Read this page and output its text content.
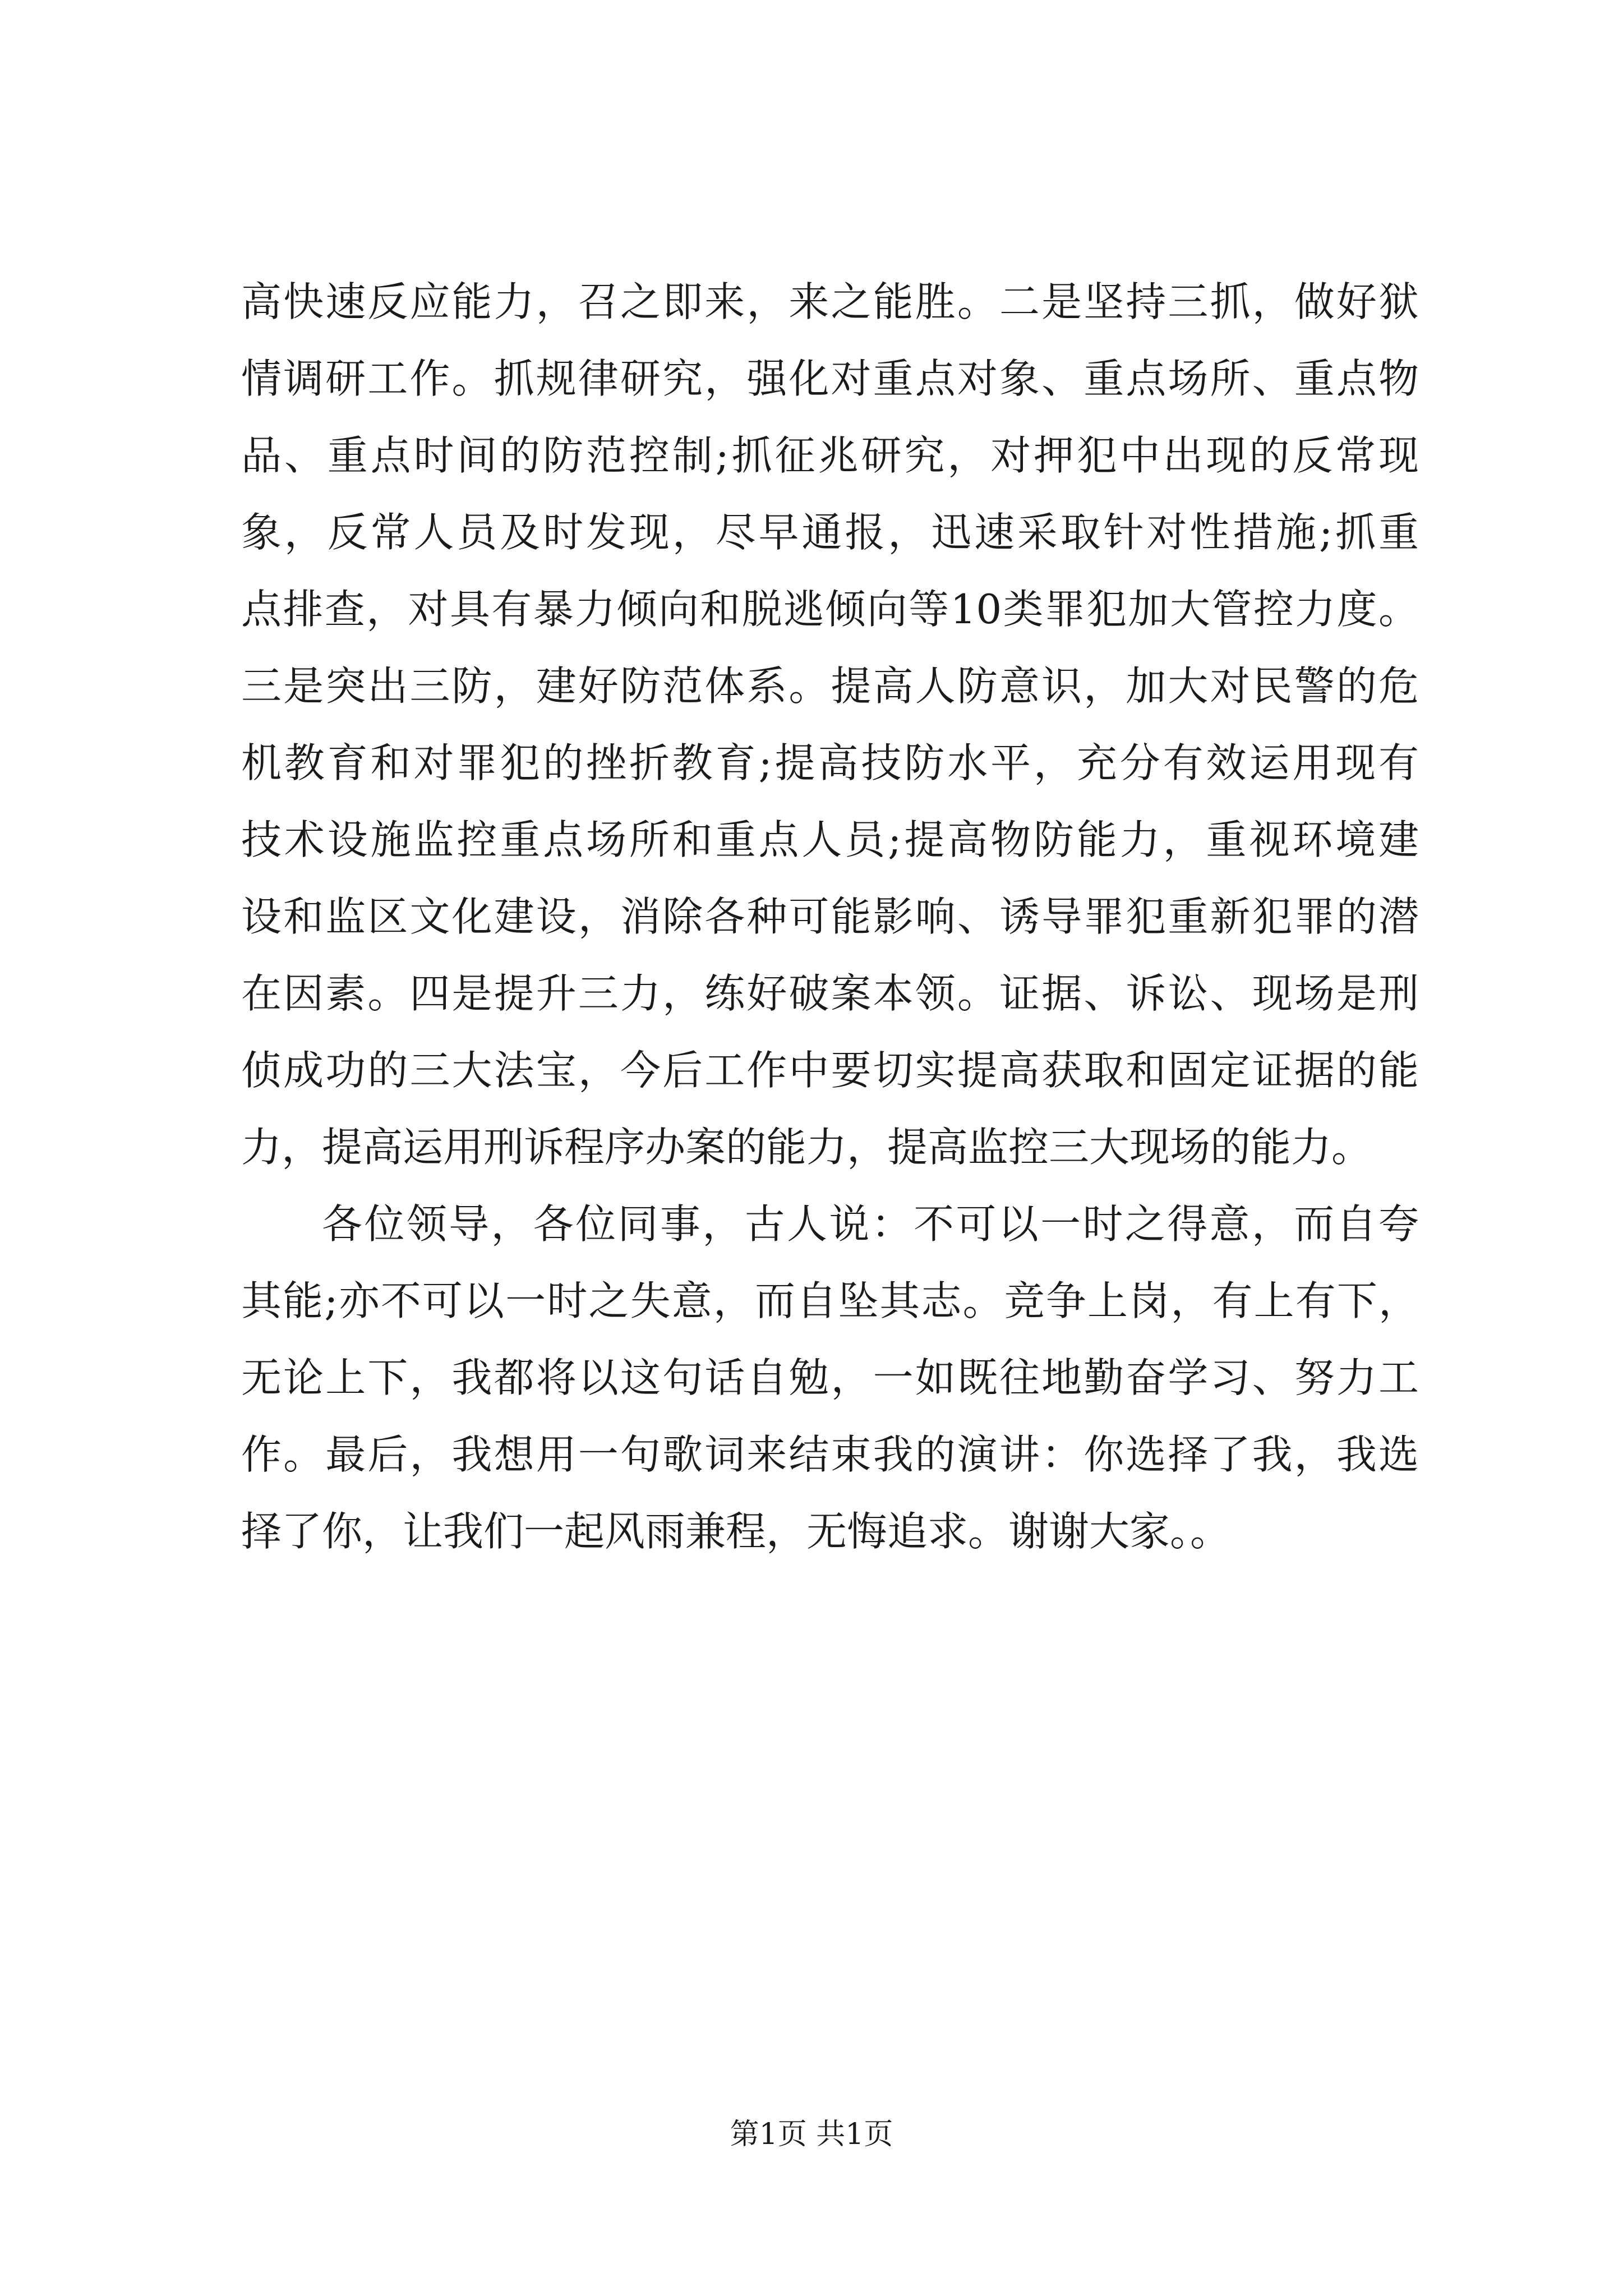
高快速反应能力，召之即来，来之能胜。二是坚持三抓，做好狱
情调研工作。抓规律研究，强化对重点对象、重点场所、重点物
品、重点时间的防范控制;抓征兆研究，对押犯中出现的反常现
象，反常人员及时发现，尽早通报，迅速采取针对性措施;抓重
点排查，对具有暴力倾向和脱逃倾向等10类罪犯加大管控力度。
三是突出三防，建好防范体系。提高人防意识，加大对民警的危
机教育和对罪犯的挫折教育;提高技防水平，充分有效运用现有
技术设施监控重点场所和重点人员;提高物防能力，重视环境建
设和监区文化建设，消除各种可能影响、诱导罪犯重新犯罪的潜
在因素。四是提升三力，练好破案本领。证据、诉讼、现场是刑
侦成功的三大法宝，今后工作中要切实提高获取和固定证据的能
力，提高运用刑诉程序办案的能力，提高监控三大现场的能力。

各位领导，各位同事，古人说：不可以一时之得意，而自夸
其能;亦不可以一时之失意，而自坠其志。竞争上岗，有上有下，
无论上下，我都将以这句话自勉，一如既往地勤奋学习、努力工
作。最后，我想用一句歌词来结束我的演讲：你选择了我，我选
择了你，让我们一起风雨兼程，无悔追求。谢谢大家。。

第1页 共1页
